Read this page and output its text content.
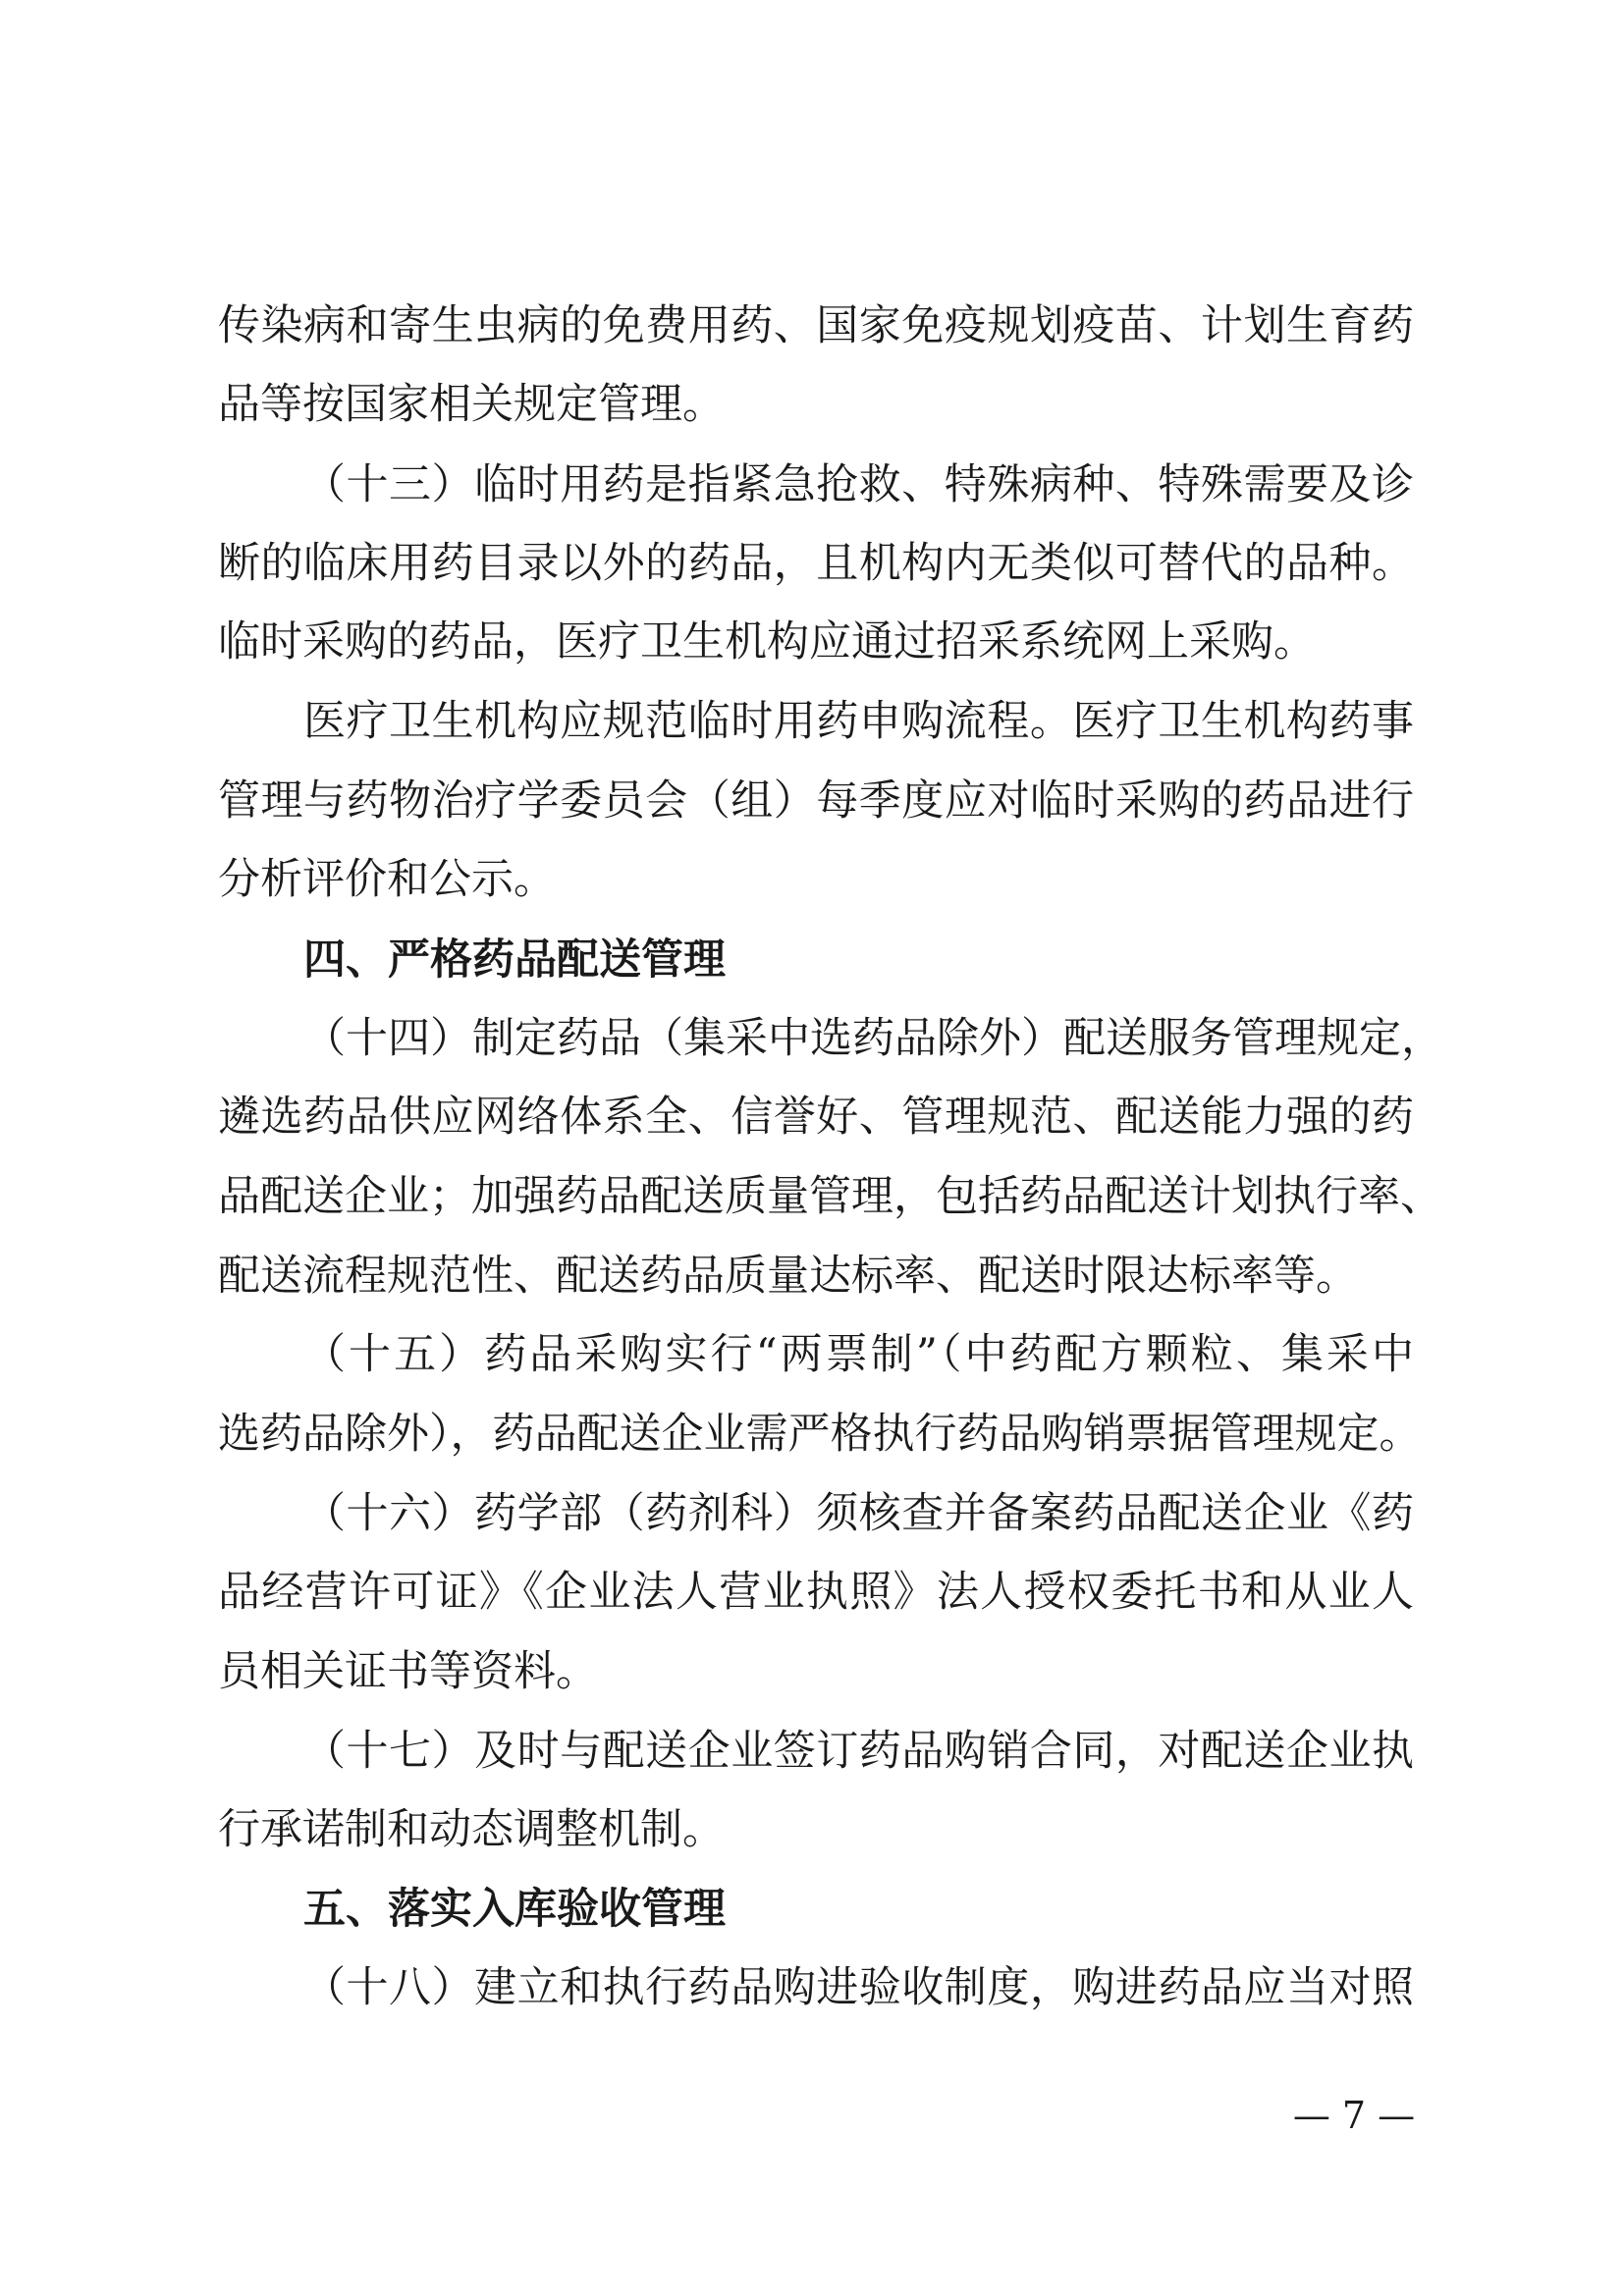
传染病和寄生虫病的免费用药、国家免疫规划疫苗、计划生育药
品等按国家相关规定管理。
（十三）临时用药是指紧急抢救、特殊病种、特殊需要及诊
断的临床用药目录以外的药品，且机构内无类似可替代的品种。
临时采购的药品，医疗卫生机构应通过招采系统网上采购。
医疗卫生机构应规范临时用药申购流程。医疗卫生机构药事
管理与药物治疗学委员会（组）每季度应对临时采购的药品进行
分析评价和公示。
四、严格药品配送管理
（十四）制定药品（集采中选药品除外）配送服务管理规定，
遴选药品供应网络体系全、信誉好、管理规范、配送能力强的药
品配送企业；加强药品配送质量管理，包括药品配送计划执行率、
配送流程规范性、配送药品质量达标率、配送时限达标率等。
（十五）药品采购实行“两票制”（中药配方颗粒、集采中
选药品除外），药品配送企业需严格执行药品购销票据管理规定。
（十六）药学部（药剂科）须核查并备案药品配送企业《药
品经营许可证》《企业法人营业执照》法人授权委托书和从业人
员相关证书等资料。
（十七）及时与配送企业签订药品购销合同，对配送企业执
行承诺制和动态调整机制。
五、落实入库验收管理
（十八）建立和执行药品购进验收制度，购进药品应当对照
— 7 —
